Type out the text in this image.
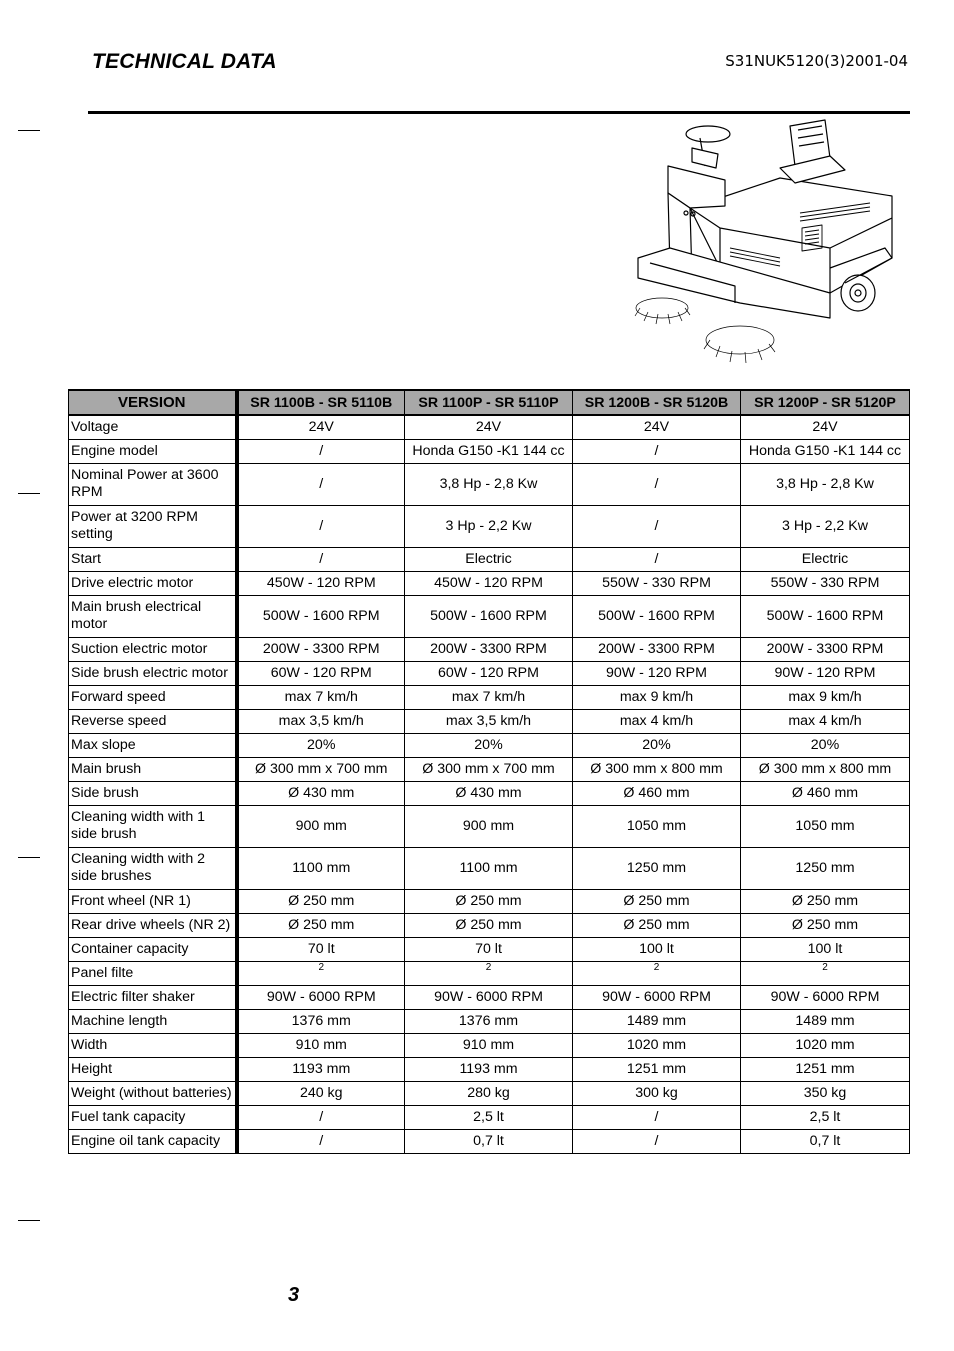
TECHNICAL DATA	S31NUK5120(3)2001-04
VERSION	SR 1100B - SR 5110B	SR 1100P - SR 5110P	SR 1200B - SR 5120B	SR 1200P - SR 5120P
Voltage	24V	24V	24V	24V
Engine model	/	Honda G150 -K1 144 cc	/	Honda G150 -K1 144 cc
Nominal Power at 3600 RPM	/	3,8 Hp - 2,8 Kw	/	3,8 Hp - 2,8 Kw
Power at 3200 RPM setting	/	3 Hp - 2,2 Kw	/	3 Hp - 2,2 Kw
Start	/	Electric	/	Electric
Drive electric motor	450W - 120 RPM	450W - 120 RPM	550W - 330 RPM	550W - 330 RPM
Main brush electrical motor	500W - 1600 RPM	500W - 1600 RPM	500W - 1600 RPM	500W - 1600 RPM
Suction electric motor	200W - 3300 RPM	200W - 3300 RPM	200W - 3300 RPM	200W - 3300 RPM
Side brush electric motor	60W - 120 RPM	60W - 120 RPM	90W - 120 RPM	90W - 120 RPM
Forward speed	max 7 km/h	max 7 km/h	max 9 km/h	max 9 km/h
Reverse speed	max 3,5 km/h	max 3,5 km/h	max 4 km/h	max 4 km/h
Max slope	20%	20%	20%	20%
Main brush	Ø 300 mm x 700 mm	Ø 300 mm x 700 mm	Ø 300 mm x 800 mm	Ø 300 mm x 800 mm
Side brush	Ø 430 mm	Ø 430 mm	Ø 460 mm	Ø 460 mm
Cleaning width with 1 side brush	900 mm	900 mm	1050 mm	1050 mm
Cleaning width with 2 side brushes	1100 mm	1100 mm	1250 mm	1250 mm
Front wheel (NR 1)	Ø 250 mm	Ø 250 mm	Ø 250 mm	Ø 250 mm
Rear drive wheels (NR 2)	Ø 250 mm	Ø 250 mm	Ø 250 mm	Ø 250 mm
Container capacity	70 lt	70 lt	100 lt	100 lt
Panel filte	2	2	2	2
Electric filter shaker	90W - 6000 RPM	90W - 6000 RPM	90W - 6000 RPM	90W - 6000 RPM
Machine length	1376 mm	1376 mm	1489 mm	1489 mm
Width	910 mm	910 mm	1020 mm	1020 mm
Height	1193 mm	1193 mm	1251 mm	1251 mm
Weight (without batteries)	240 kg	280 kg	300 kg	350 kg
Fuel tank capacity	/	2,5 lt	/	2,5 lt
Engine oil tank capacity	/	0,7 lt	/	0,7 lt
3
